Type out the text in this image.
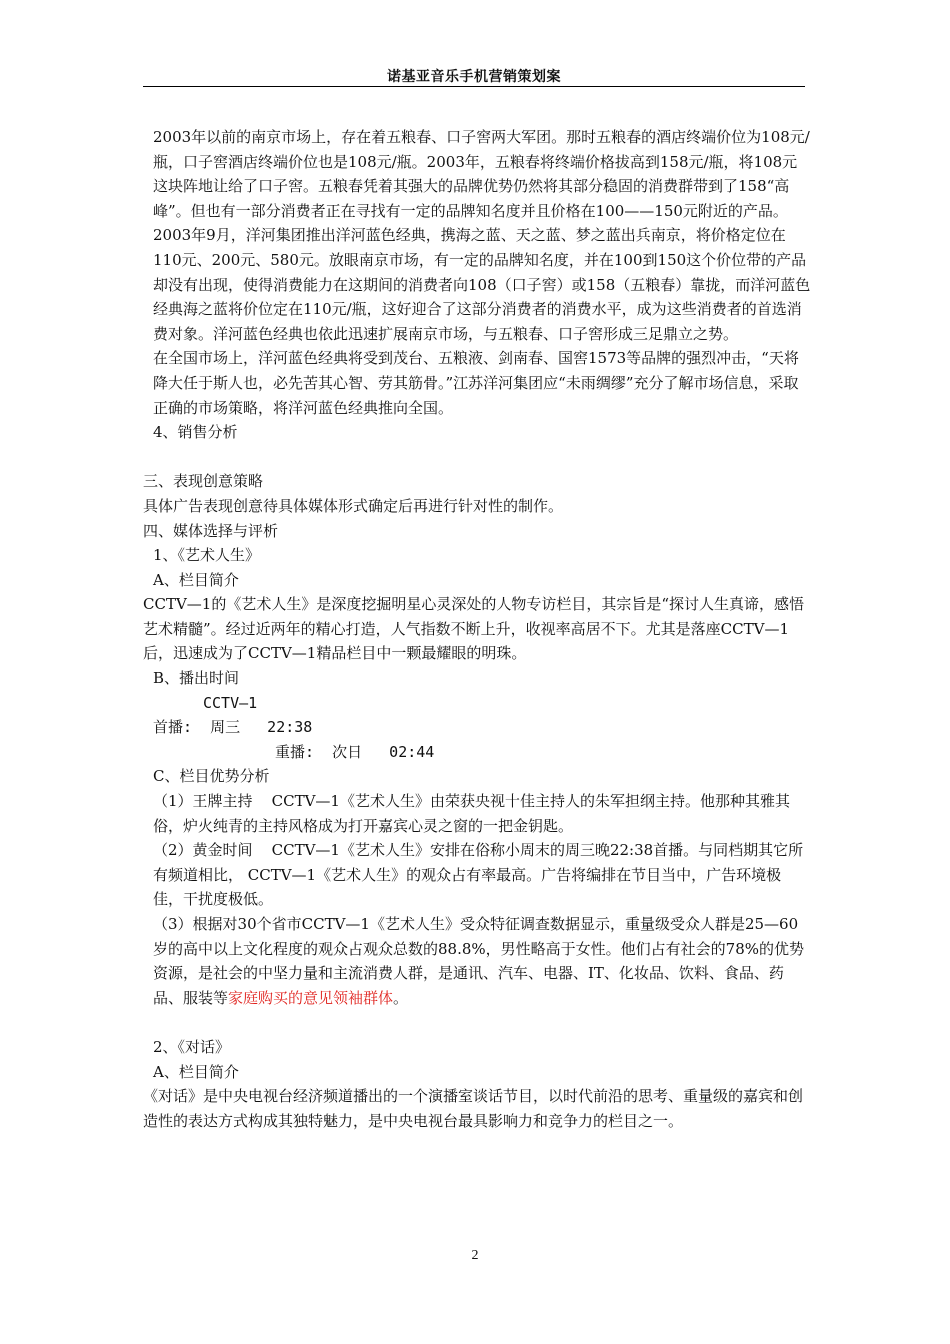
诺基亚音乐手机营销策划案

2003年以前的南京市场上，存在着五粮春、口子窖两大军团。那时五粮春的酒店终端价位为108元/瓶，口子窖酒店终端价位也是108元/瓶。2003年，五粮春将终端价格拔高到158元/瓶，将108元这块阵地让给了口子窖。五粮春凭着其强大的品牌优势仍然将其部分稳固的消费群带到了158“高峰”。但也有一部分消费者正在寻找有一定的品牌知名度并且价格在100——150元附近的产品。

2003年9月，洋河集团推出洋河蓝色经典，携海之蓝、天之蓝、梦之蓝出兵南京，将价格定位在110元、200元、580元。放眼南京市场，有一定的品牌知名度，并在100到150这个价位带的产品却没有出现，使得消费能力在这期间的消费者向108（口子窖）或158（五粮春）靠拢，而洋河蓝色经典海之蓝将价位定在110元/瓶，这好迎合了这部分消费者的消费水平，成为这些消费者的首选消费对象。洋河蓝色经典也依此迅速扩展南京市场，与五粮春、口子窖形成三足鼎立之势。

在全国市场上，洋河蓝色经典将受到茂台、五粮液、剑南春、国窖1573等品牌的强烈冲击，“天将降大任于斯人也，必先苦其心智、劳其筋骨。”江苏洋河集团应“未雨绸缪”充分了解市场信息，采取正确的市场策略，将洋河蓝色经典推向全国。

4、销售分析

三、表现创意策略

具体广告表现创意待具体媒体形式确定后再进行针对性的制作。

四、媒体选择与评析

1、《艺术人生》

A、栏目简介

CCTV—1的《艺术人生》是深度挖掘明星心灵深处的人物专访栏目，其宗旨是“探讨人生真谛，感悟艺术精髓”。经过近两年的精心打造，人气指数不断上升，收视率高居不下。尤其是落座CCTV—1后，迅速成为了CCTV—1精品栏目中一颗最耀眼的明珠。

B、播出时间

CCTV—1

首播:  周三   22:38

重播:  次日   02:44

C、栏目优势分析

（1）王牌主持    CCTV—1《艺术人生》由荣获央视十佳主持人的朱军担纲主持。他那种其雅其俗，炉火纯青的主持风格成为打开嘉宾心灵之窗的一把金钥匙。

（2）黄金时间    CCTV—1《艺术人生》安排在俗称小周末的周三晚22:38首播。与同档期其它所有频道相比， CCTV—1《艺术人生》的观众占有率最高。广告将编排在节目当中，广告环境极佳，干扰度极低。

（3）根据对30个省市CCTV—1《艺术人生》受众特征调查数据显示，重量级受众人群是25—60岁的高中以上文化程度的观众占观众总数的88.8%，男性略高于女性。他们占有社会的78%的优势资源，是社会的中坚力量和主流消费人群，是通讯、汽车、电器、IT、化妆品、饮料、食品、药品、服装等家庭购买的意见领袖群体。

2、《对话》

A、栏目简介

《对话》是中央电视台经济频道播出的一个演播室谈话节目，以时代前沿的思考、重量级的嘉宾和创造性的表达方式构成其独特魅力，是中央电视台最具影响力和竞争力的栏目之一。

2
